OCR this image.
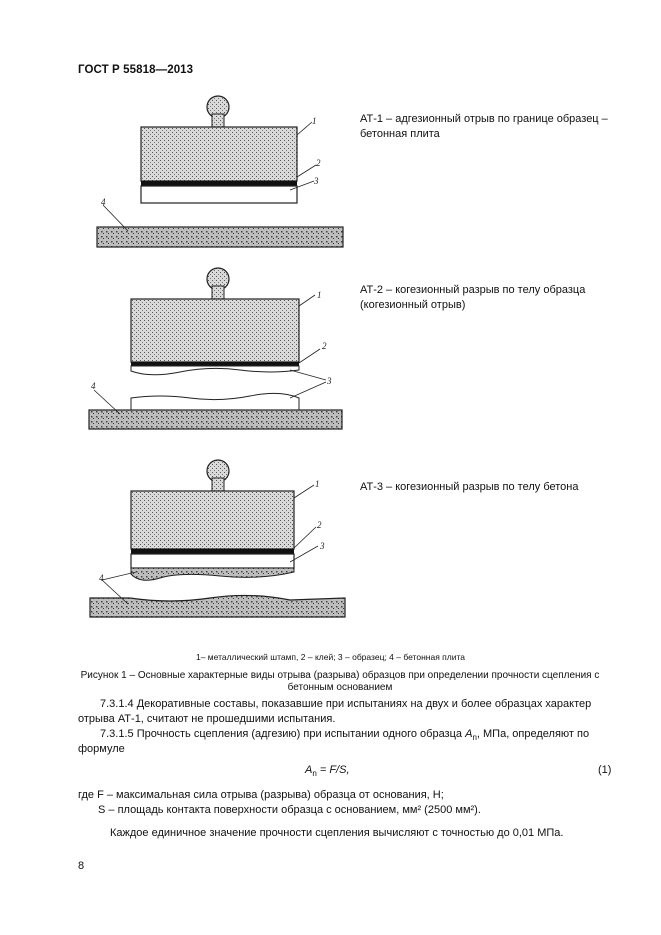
ГОСТ Р 55818—2013
1
2
3
4
1
2
3
4
1
2
3
4
АТ-1 – адгезионный отрыв по границе образец – бетонная плита
АТ-2 – когезионный разрыв по телу образца (когезионный отрыв)
АТ-3 – когезионный разрыв по телу бетона
1– металлический штамп, 2 – клей; 3 – образец; 4 – бетонная плита
Рисунок 1 – Основные характерные виды отрыва (разрыва) образцов при определении прочности сцепления с бетонным основанием
7.3.1.4 Декоративные составы, показавшие при испытаниях на двух и более образцах характер
отрыва АТ-1, считают не прошедшими испытания.
7.3.1.5 Прочность сцепления (адгезию) при испытании одного образца $A_n$, МПа, определяют по
формуле
$A_n = F/S$,	(1)
где F – максимальная сила отрыва (разрыва) образца от основания, Н;
S – площадь контакта поверхности образца с основанием, мм² (2500 мм²).
Каждое единичное значение прочности сцепления вычисляют с точностью до 0,01 МПа.
8
